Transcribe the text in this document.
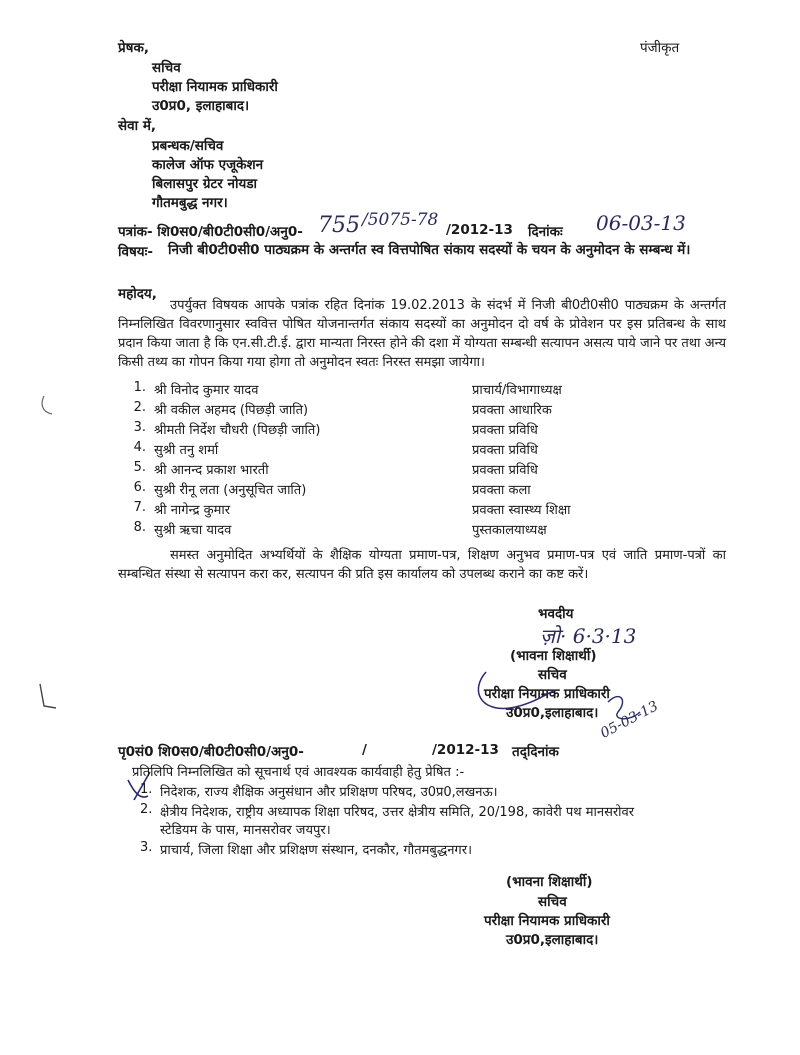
प्रेषक,	पंजीकृत
सचिव
परीक्षा नियामक प्राधिकारी
उ0प्र0, इलाहाबाद।
सेवा में,
प्रबन्धक/सचिव
कालेज ऑफ एजूकेशन
बिलासपुर ग्रेटर नोयडा
गौतमबुद्ध नगर।
पत्रांक- शि0स0/बी0टी0सी0/अनु0- 755 /5075-78 /2012-13 दिनांकः 06-03-13
विषयः- निजी बी0टी0सी0 पाठ्यक्रम के अन्तर्गत स्व वित्तपोषित संकाय सदस्यों के चयन के अनुमोदन के सम्बन्ध में।
महोदय,
उपर्युक्त विषयक आपके पत्रांक रहित दिनांक 19.02.2013 के संदर्भ में निजी बी0टी0सी0 पाठ्यक्रम के अन्तर्गत निम्नलिखित विवरणानुसार स्ववित्त पोषित योजनान्तर्गत संकाय सदस्यों का अनुमोदन दो वर्ष के प्रोवेशन पर इस प्रतिबन्ध के साथ प्रदान किया जाता है कि एन.सी.टी.ई. द्वारा मान्यता निरस्त होने की दशा में योग्यता सम्बन्धी सत्यापन असत्य पाये जाने पर तथा अन्य किसी तथ्य का गोपन किया गया होगा तो अनुमोदन स्वतः निरस्त समझा जायेगा।
1. श्री विनोद कुमार यादव	प्राचार्य/विभागाध्यक्ष
2. श्री वकील अहमद (पिछड़ी जाति)	प्रवक्ता आधारिक
3. श्रीमती निर्देश चौधरी (पिछड़ी जाति)	प्रवक्ता प्रविधि
4. सुश्री तनु शर्मा	प्रवक्ता प्रविधि
5. श्री आनन्द प्रकाश भारती	प्रवक्ता प्रविधि
6. सुश्री रीनू लता (अनुसूचित जाति)	प्रवक्ता कला
7. श्री नागेन्द्र कुमार	प्रवक्ता स्वास्थ्य शिक्षा
8. सुश्री ऋचा यादव	पुस्तकालयाध्यक्ष
समस्त अनुमोदित अभ्यर्थियों के शैक्षिक योग्यता प्रमाण-पत्र, शिक्षण अनुभव प्रमाण-पत्र एवं जाति प्रमाण-पत्रों का सम्बन्धित संस्था से सत्यापन करा कर, सत्यापन की प्रति इस कार्यालय को उपलब्ध कराने का कष्ट करें।
भवदीय
ज़ो· 6·3·13
(भावना शिक्षार्थी)
सचिव
परीक्षा नियामक प्राधिकारी
उ0प्र0,इलाहाबाद। 05-03-13
पृ0सं0 शि0स0/बी0टी0सी0/अनु0-	/	/2012-13 तद्‌दिनांक
प्रतिलिपि निम्नलिखित को सूचनार्थ एवं आवश्यक कार्यवाही हेतु प्रेषित :-
1. निदेशक, राज्य शैक्षिक अनुसंधान और प्रशिक्षण परिषद, उ0प्र0,लखनऊ।
2. क्षेत्रीय निदेशक, राष्ट्रीय अध्यापक शिक्षा परिषद, उत्तर क्षेत्रीय समिति, 20/198, कावेरी पथ मानसरोवर
स्टेडियम के पास, मानसरोवर जयपुर।
3. प्राचार्य, जिला शिक्षा और प्रशिक्षण संस्थान, दनकौर, गौतमबुद्धनगर।
(भावना शिक्षार्थी)
सचिव
परीक्षा नियामक प्राधिकारी
उ0प्र0,इलाहाबाद।
